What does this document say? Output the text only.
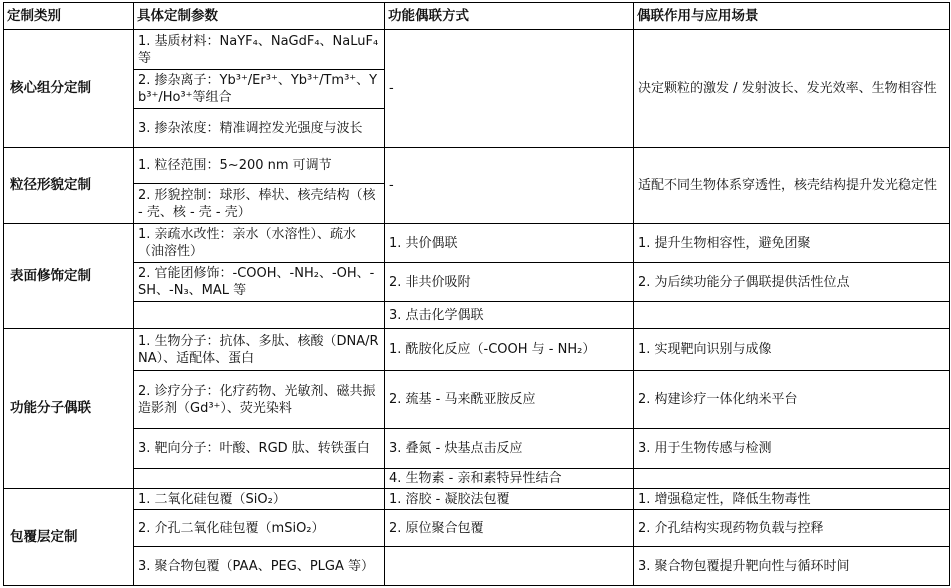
定制类别	具体定制参数	功能偶联方式	偶联作用与应用场景
核心组分定制	1. 基质材料：NaYF₄、NaGdF₄、NaLuF₄等	-	决定颗粒的激发 / 发射波长、发光效率、生物相容性
	2. 掺杂离子：Yb³⁺/Er³⁺、Yb³⁺/Tm³⁺、Yb³⁺/Ho³⁺等组合		
	3. 掺杂浓度：精准调控发光强度与波长		
粒径形貌定制	1. 粒径范围：5~200 nm 可调节	-	适配不同生物体系穿透性，核壳结构提升发光稳定性
	2. 形貌控制：球形、棒状、核壳结构（核 - 壳、核 - 壳 - 壳）		
表面修饰定制	1. 亲疏水改性：亲水（水溶性）、疏水（油溶性）	1. 共价偶联	1. 提升生物相容性，避免团聚
	2. 官能团修饰：-COOH、-NH₂、-OH、-SH、-N₃、MAL 等	2. 非共价吸附	2. 为后续功能分子偶联提供活性位点
		3. 点击化学偶联	
功能分子偶联	1. 生物分子：抗体、多肽、核酸（DNA/RNA）、适配体、蛋白	1. 酰胺化反应（-COOH 与 - NH₂）	1. 实现靶向识别与成像
	2. 诊疗分子：化疗药物、光敏剂、磁共振造影剂（Gd³⁺）、荧光染料	2. 巯基 - 马来酰亚胺反应	2. 构建诊疗一体化纳米平台
	3. 靶向分子：叶酸、RGD 肽、转铁蛋白	3. 叠氮 - 炔基点击反应	3. 用于生物传感与检测
		4. 生物素 - 亲和素特异性结合	
包覆层定制	1. 二氧化硅包覆（SiO₂）	1. 溶胶 - 凝胶法包覆	1. 增强稳定性，降低生物毒性
	2. 介孔二氧化硅包覆（mSiO₂）	2. 原位聚合包覆	2. 介孔结构实现药物负载与控释
	3. 聚合物包覆（PAA、PEG、PLGA 等）		3. 聚合物包覆提升靶向性与循环时间
